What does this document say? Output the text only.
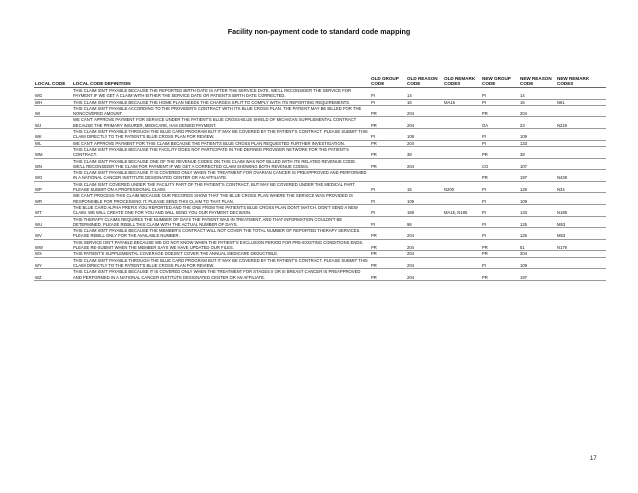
Facility non-payment code to standard code mapping
LOCAL CODE	LOCAL CODE DEFINITION	OLD GROUP CODE	OLD REASON CODE	OLD REMARK CODES	NEW GROUP CODE	NEW REASON CODE	NEW REMARK CODES
WG	THIS CLAIM ISN'T PAYABLE BECAUSE THE REPORTED BIRTH DATE IS AFTER THE SERVICE DATE. WE'LL RECONSIDER THE SERVICE FOR PAYMENT IF WE GET A CLAIM WITH EITHER THE SERVICE DATE OR PATIENT'S BIRTH DATE CORRECTED.	PI	14		PI	14	
WH	THIS CLAIM ISN'T PAYABLE BECAUSE THE HOME PLAN NEEDS THE CHARGES SPLIT TO COMPLY WITH ITS REPORTING REQUIREMENTS.	PI	16	MA15	PI	16	N61
WI	THIS CLAIM ISN'T PAYABLE ACCORDING TO THE PROVIDER'S CONTRACT WITH ITS BLUE CROSS PLAN. THE PATIENT MAY BE BILLED FOR THE NONCOVERED AMOUNT.	PR	204		PR	204	
WJ	WE CAN'T APPROVE PAYMENT FOR SERVICE UNDER THE PATIENT'S BLUE CROSS-BLUE SHIELD OF MICHIGAN SUPPLEMENTAL CONTRACT BECAUSE THE PRIMARY INSURER, MEDICARE, HAS DENIED PAYMENT.	PR	204		OA	23	N219
WK	THIS CLAIM ISN'T PAYABLE THROUGH THE BLUE CARD PROGRAM BUT IT MAY BE COVERED BY THE PATIENT'S CONTRACT. PLEASE SUBMIT THIS CLAIM DIRECTLY TO THE PATIENT'S BLUE CROSS PLAN FOR REVIEW.	PI	109		PI	109	
WL	WE CAN'T APPROVE PAYMENT FOR THIS CLAIM BECAUSE THE PATIENT'S BLUE CROSS PLAN REQUESTED FURTHER INVESTIGATION.	PR	204		PI	133	
WM	THIS CLAIM ISN'T PAYABLE BECAUSE THE FACILITY DOES NOT PARTICIPATE IN THE DEFINED PROVIDER NETWORK FOR THE PATIENT'S CONTRACT.	PR	38		PR	38	
WN	THIS CLAIM ISN'T PAYABLE BECAUSE ONE OF THE REVENUE CODES ON THIS CLAIM WAS NOT BILLED WITH ITS RELATED REVENUE CODE. WE'LL RECONSIDER THE CLAIM FOR PAYMENT IF WE GET A CORRECTED CLAIM SHOWING BOTH REVENUE CODES.	PR	204		CO	107	
WO	THIS CLAIM ISN'T PAYABLE BECAUSE IT IS COVERED ONLY WHEN THE TREATMENT FOR OVARIAN CANCER IS PREAPPROVED AND PERFORMED IN A NATIONAL CANCER INSTITUTE DESIGNATED CENTER OR AN AFFILIATE.				PR	197	N428
WP	THIS CLAIM ISN'T COVERED UNDER THE FACILITY PART OF THE PATIENT'S CONTRACT, BUT MAY BE COVERED UNDER THE MEDICAL PART. PLEASE SUBMIT ON A PROFESSIONAL CLAIM.	PI	16	N200	PI	125	N34
WR	WE CAN'T PROCESS THIS CLAIM BECAUSE OUR RECORDS SHOW THAT THE BLUE CROSS PLAN WHERE THE SERVICE WAS PROVIDED IS RESPONSIBLE FOR PROCESSING IT. PLEASE SEND THIS CLAIM TO THAT PLAN.	PI	109		PI	109	
WT	THE BLUE CARD ALPHA PREFIX YOU REPORTED AND THE ONE FROM THE PATIENT'S BLUE CROSS PLAN DON'T MATCH. DON'T SEND A NEW CLAIM. WE WILL CREATE ONE FOR YOU AND WILL SEND YOU OUR PAYMENT DECISION.	PI	169	MA15, N185	PI	133	N185
WU	THIS THERAPY CLAIMS REQUIRES THE NUMBER OF DAYS THE PATIENT WAS IN TREATMENT, AND THAT INFORMATION COULDN'T BE DETERMINED. PLEASE REBILL THIS CLAIM WITH THE ACTUAL NUMBER OF DAYS.	PI	96		PI	125	M53
WV	THIS CLAIM ISN'T PAYABLE BECAUSE THE MEMBER'S CONTRACT WILL NOT COVER THE TOTAL NUMBER OF REPORTED THERAPY SERVICES. PLEASE REBILL ONLY FOR THE AVAILABLE NUMBER.	PR	204		PI	125	M53
WW	THIS SERVICE ISN'T PAYABLE BECAUSE WE DO NOT KNOW WHEN THE PATIENT'S EXCLUSION PERIOD FOR PRE-EXISTING CONDITIONS ENDS. PLEASE RE-SUBMIT WHEN THE MEMBER SAYS WE HAVE UPDATED OUR FILES.	PR	204		PR	51	N179
WX	THIS PATIENT'S SUPPLEMENTAL COVERAGE DOESN'T COVER THE ANNUAL MEDICARE DEDUCTIBLE.	PR	204		PR	204	
WY	THIS CLAIM ISN'T PAYABLE THROUGH THE BLUE CARD PROGRAM BUT IT MAY BE COVERED BY THE PATIENT'S CONTRACT. PLEASE SUBMIT THIS CLAIM DIRECTLY TO THE PATIENT'S BLUE CROSS PLAN FOR REVIEW.	PR	204		PI	109	
WZ	THIS CLAIM ISN'T PAYABLE BECAUSE IT IS COVERED ONLY WHEN THE TREATMENT FOR STAGES II OR III BREAST CANCER IS PREAPPROVED AND PERFORMED IN A NATIONAL CANCER INSTITUTE DESIGNATED CENTER OR AN AFFILIATE.	PR	204		PR	197	
17
